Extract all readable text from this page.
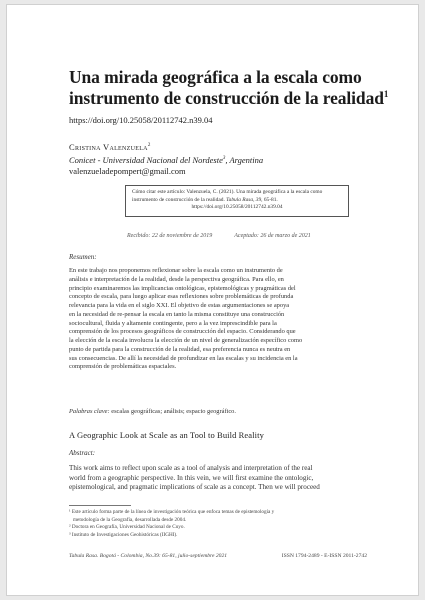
Una mirada geográfica a la escala como
instrumento de construcción de la realidad$^1$
https://doi.org/10.25058/20112742.n39.04
Cristina Valenzuela$^2$
Conicet - Universidad Nacional del Nordeste$^3$, Argentina
valenzueladepompert@gmail.com
Cómo citar este artículo: Valenzuela, C. (2021). Una mirada geográfica a la escala como
instrumento de construcción de la realidad. Tabula Rasa, 39, 65-81.
https://doi.org/10.25058/20112742.n39.04
Recibido: 22 de noviembre de 2019	Aceptado: 26 de marzo de 2021
Resumen:

En este trabajo nos proponemos reflexionar sobre la escala como un instrumento de

análisis e interpretación de la realidad, desde la perspectiva geográfica. Para ello, en

principio examinaremos las implicancias ontológicas, epistemológicas y pragmáticas del

concepto de escala, para luego aplicar esas reflexiones sobre problemáticas de profunda

relevancia para la vida en el siglo XXI. El objetivo de estas argumentaciones se apoya

en la necesidad de re-pensar la escala en tanto la misma constituye una construcción

sociocultural, fluida y altamente contingente, pero a la vez imprescindible para la

comprensión de los procesos geográficos de construcción del espacio. Considerando que

la elección de la escala involucra la elección de un nivel de generalización específico como

punto de partida para la construcción de la realidad, esa preferencia nunca es neutra en

sus consecuencias. De allí la necesidad de profundizar en las escalas y su incidencia en la

comprensión de problemáticas espaciales.

Palabras clave: escalas geográficas; análisis; espacio geográfico.
A Geographic Look at Scale as an Tool to Build Reality
Abstract:
This work aims to reflect upon scale as a tool of analysis and interpretation of the real
world from a geographic perspective. In this vein, we will first examine the ontologic,
epistemological, and pragmatic implications of scale as a concept. Then we will proceed
¹ Este artículo forma parte de la línea de investigación teórica que enfoca temas de epistemología y
metodología de la Geografía, desarrollada desde 2004.
² Doctora en Geografía, Universidad Nacional de Cuyo.
³ Instituto de Investigaciones Geohistóricas (IIGHI).
Tabula Rasa. Bogotá - Colombia, No.39: 65-81, julio-septiembre 2021	ISSN 1794-2489 - E-ISSN 2011-2742
